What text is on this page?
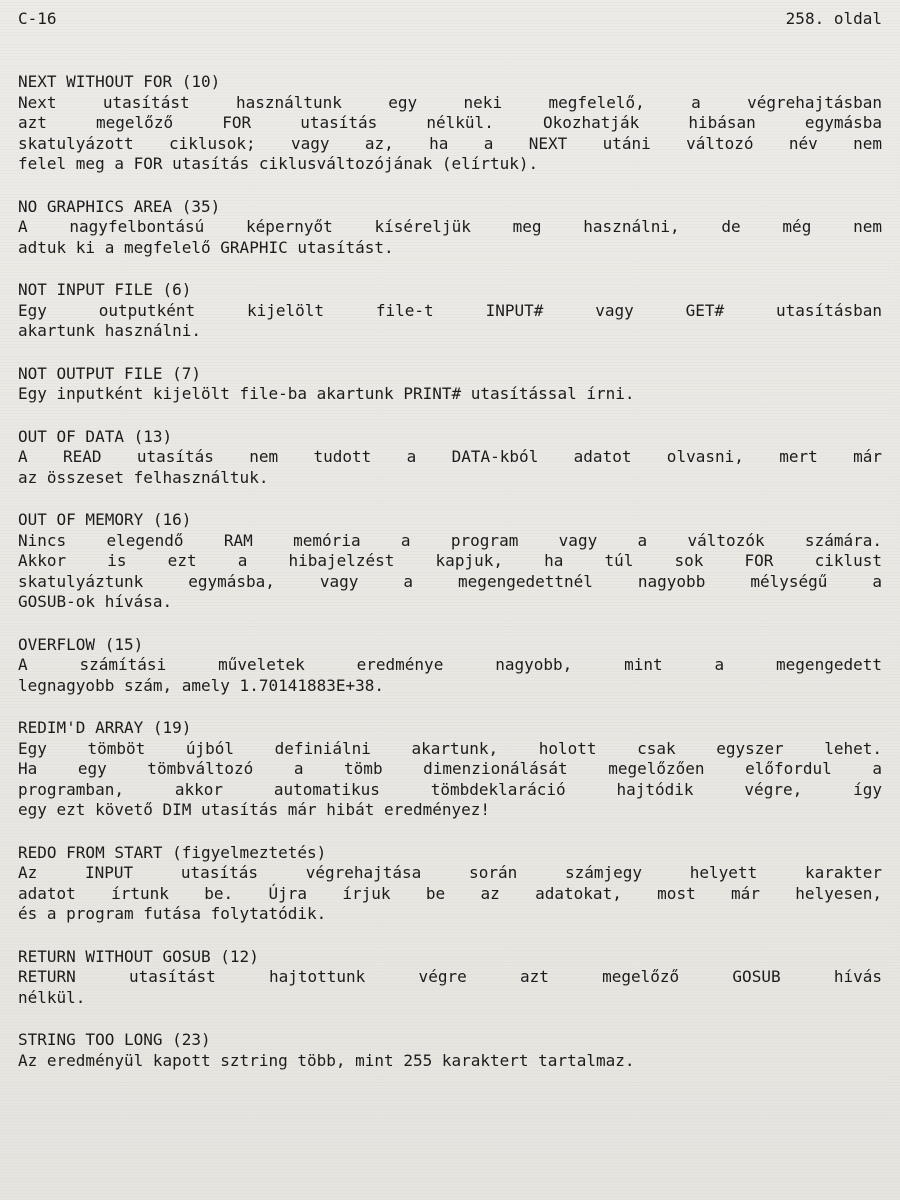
C-16	258. oldal
NEXT WITHOUT FOR (10)
Next utasítást használtunk egy neki megfelelő, a végrehajtásban
azt megelőző FOR utasítás nélkül. Okozhatják hibásan egymásba
skatulyázott ciklusok; vagy az, ha a NEXT utáni változó név nem
felel meg a FOR utasítás ciklusváltozójának (elírtuk).
NO GRAPHICS AREA (35)
A nagyfelbontású képernyőt kíséreljük meg használni, de még nem
adtuk ki a megfelelő GRAPHIC utasítást.
NOT INPUT FILE (6)
Egy outputként kijelölt file-t INPUT# vagy GET# utasításban
akartunk használni.
NOT OUTPUT FILE (7)
Egy inputként kijelölt file-ba akartunk PRINT# utasítással írni.
OUT OF DATA (13)
A READ utasítás nem tudott a DATA-kból adatot olvasni, mert már
az összeset felhasználtuk.
OUT OF MEMORY (16)
Nincs elegendő RAM memória a program vagy a változók számára.
Akkor is ezt a hibajelzést kapjuk, ha túl sok FOR ciklust
skatulyáztunk egymásba, vagy a megengedettnél nagyobb mélységű a
GOSUB-ok hívása.
OVERFLOW (15)
A számítási műveletek eredménye nagyobb, mint a megengedett
legnagyobb szám, amely 1.70141883E+38.
REDIM'D ARRAY (19)
Egy tömböt újból definiálni akartunk, holott csak egyszer lehet.
Ha egy tömbváltozó a tömb dimenzionálását megelőzően előfordul a
programban, akkor automatikus tömbdeklaráció hajtódik végre, így
egy ezt követő DIM utasítás már hibát eredményez!
REDO FROM START (figyelmeztetés)
Az INPUT utasítás végrehajtása során számjegy helyett karakter
adatot írtunk be. Újra írjuk be az adatokat, most már helyesen,
és a program futása folytatódik.
RETURN WITHOUT GOSUB (12)
RETURN utasítást hajtottunk végre azt megelőző GOSUB hívás
nélkül.
STRING TOO LONG (23)
Az eredményül kapott sztring több, mint 255 karaktert tartalmaz.
